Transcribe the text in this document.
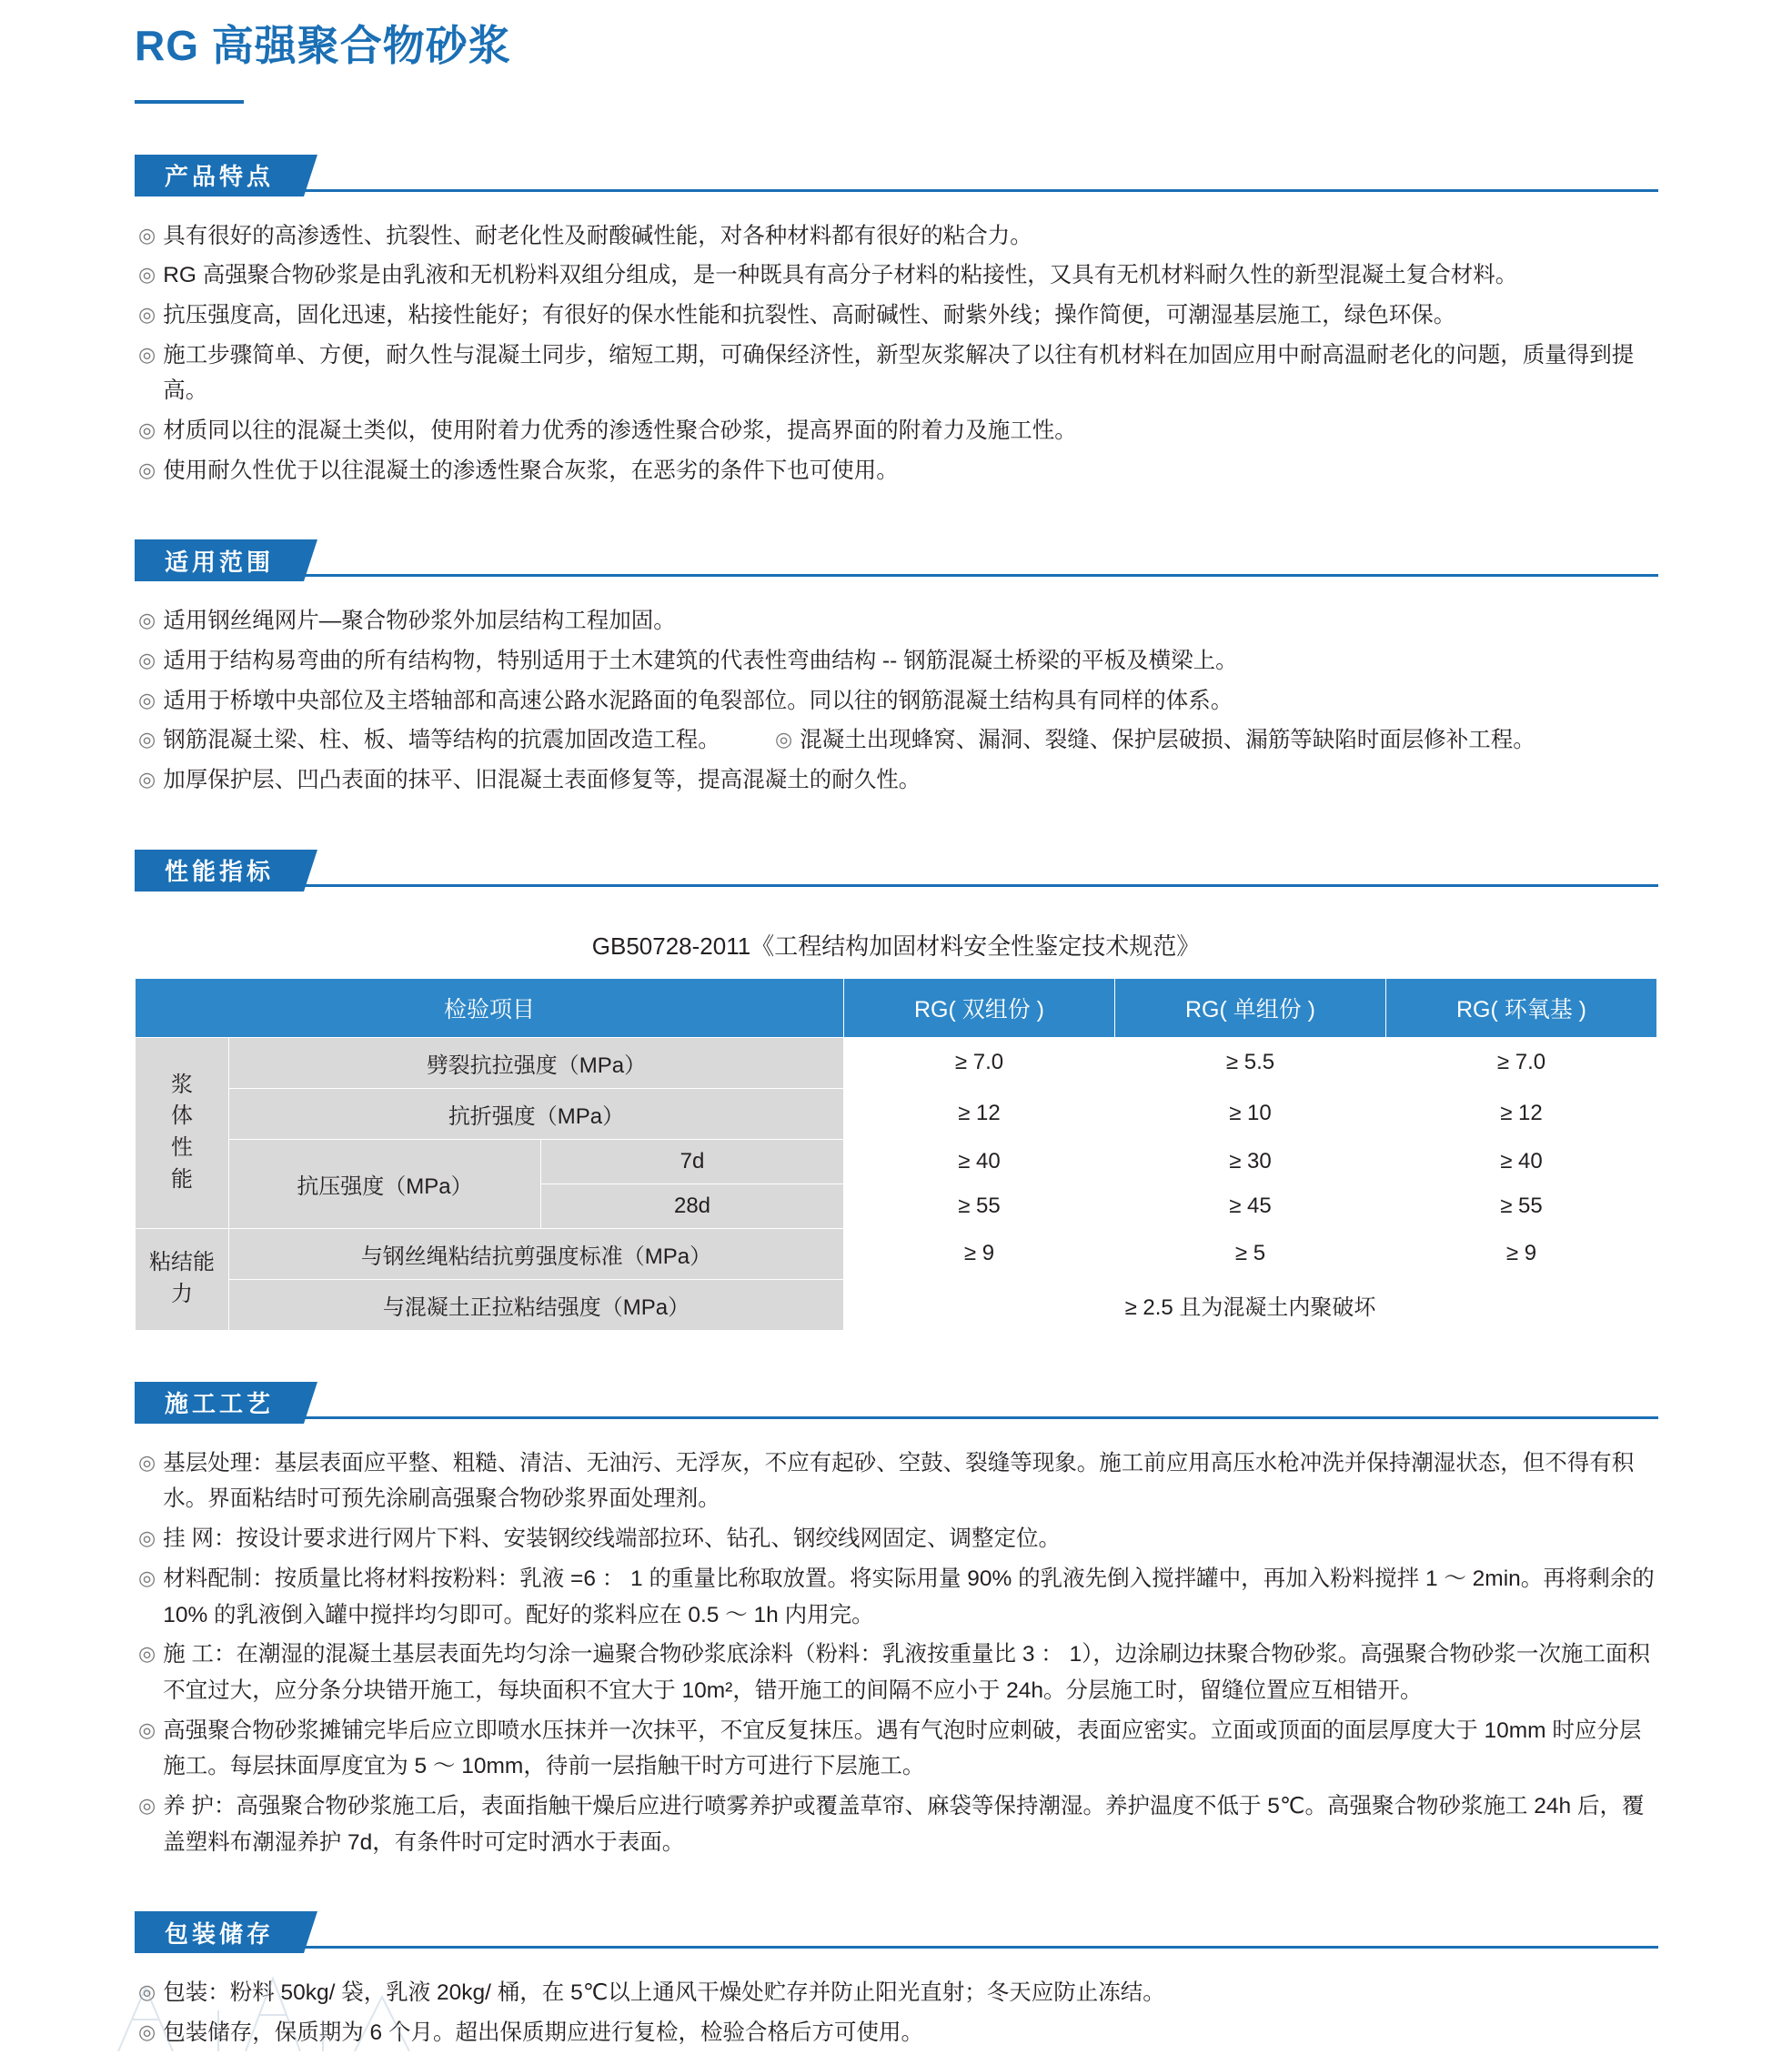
RG 高强聚合物砂浆
产品特点
◎ 具有很好的高渗透性、抗裂性、耐老化性及耐酸碱性能，对各种材料都有很好的粘合力。
◎ RG 高强聚合物砂浆是由乳液和无机粉料双组分组成，是一种既具有高分子材料的粘接性，又具有无机材料耐久性的新型混凝土复合材料。
◎ 抗压强度高，固化迅速，粘接性能好；有很好的保水性能和抗裂性、高耐碱性、耐紫外线；操作简便，可潮湿基层施工，绿色环保。
◎ 施工步骤简单、方便，耐久性与混凝土同步，缩短工期，可确保经济性，新型灰浆解决了以往有机材料在加固应用中耐高温耐老化的问题，质量得到提高。
◎ 材质同以往的混凝土类似，使用附着力优秀的渗透性聚合砂浆，提高界面的附着力及施工性。
◎ 使用耐久性优于以往混凝土的渗透性聚合灰浆，在恶劣的条件下也可使用。
适用范围
◎ 适用钢丝绳网片—聚合物砂浆外加层结构工程加固。
◎ 适用于结构易弯曲的所有结构物，特别适用于土木建筑的代表性弯曲结构 -- 钢筋混凝土桥梁的平板及横梁上。
◎ 适用于桥墩中央部位及主塔轴部和高速公路水泥路面的龟裂部位。同以往的钢筋混凝土结构具有同样的体系。
◎ 钢筋混凝土梁、柱、板、墙等结构的抗震加固改造工程。	◎ 混凝土出现蜂窝、漏洞、裂缝、保护层破损、漏筋等缺陷时面层修补工程。
◎ 加厚保护层、凹凸表面的抹平、旧混凝土表面修复等，提高混凝土的耐久性。
性能指标
GB50728-2011《工程结构加固材料安全性鉴定技术规范》
检验项目			RG( 双组份 )	RG( 单组份 )	RG( 环氧基 )

浆
体
性
能	劈裂抗拉强度（MPa）		≥ 7.0	≥ 5.5	≥ 7.0
	抗折强度（MPa）		≥ 12	≥ 10	≥ 12
	抗压强度（MPa）	7d	≥ 40	≥ 30	≥ 40
		28d	≥ 55	≥ 45	≥ 55

粘结能
力	与钢丝绳粘结抗剪强度标准（MPa）		≥ 9	≥ 5	≥ 9
	与混凝土正拉粘结强度（MPa）		≥ 2.5 且为混凝土内聚破坏		
施工工艺
◎ 基层处理：基层表面应平整、粗糙、清洁、无油污、无浮灰，不应有起砂、空鼓、裂缝等现象。施工前应用高压水枪冲洗并保持潮湿状态，但不得有积水。界面粘结时可预先涂刷高强聚合物砂浆界面处理剂。
◎ 挂 网：按设计要求进行网片下料、安装钢绞线端部拉环、钻孔、钢绞线网固定、调整定位。
◎ 材料配制：按质量比将材料按粉料：乳液 =6 ： 1 的重量比称取放置。将实际用量 90% 的乳液先倒入搅拌罐中，再加入粉料搅拌 1 ～ 2min。再将剩余的 10% 的乳液倒入罐中搅拌均匀即可。配好的浆料应在 0.5 ～ 1h 内用完。
◎ 施 工：在潮湿的混凝土基层表面先均匀涂一遍聚合物砂浆底涂料（粉料：乳液按重量比 3 ： 1），边涂刷边抹聚合物砂浆。高强聚合物砂浆一次施工面积不宜过大，应分条分块错开施工，每块面积不宜大于 10m²，错开施工的间隔不应小于 24h。分层施工时，留缝位置应互相错开。
◎ 高强聚合物砂浆摊铺完毕后应立即喷水压抹并一次抹平，不宜反复抹压。遇有气泡时应刺破，表面应密实。立面或顶面的面层厚度大于 10mm 时应分层施工。每层抹面厚度宜为 5 ～ 10mm，待前一层指触干时方可进行下层施工。
◎ 养 护：高强聚合物砂浆施工后，表面指触干燥后应进行喷雾养护或覆盖草帘、麻袋等保持潮湿。养护温度不低于 5℃。高强聚合物砂浆施工 24h 后，覆盖塑料布潮湿养护 7d，有条件时可定时洒水于表面。
包装储存
◎ 包装：粉料 50kg/ 袋，乳液 20kg/ 桶，在 5℃以上通风干燥处贮存并防止阳光直射；冬天应防止冻结。
◎ 包装储存，保质期为 6 个月。超出保质期应进行复检，检验合格后方可使用。
